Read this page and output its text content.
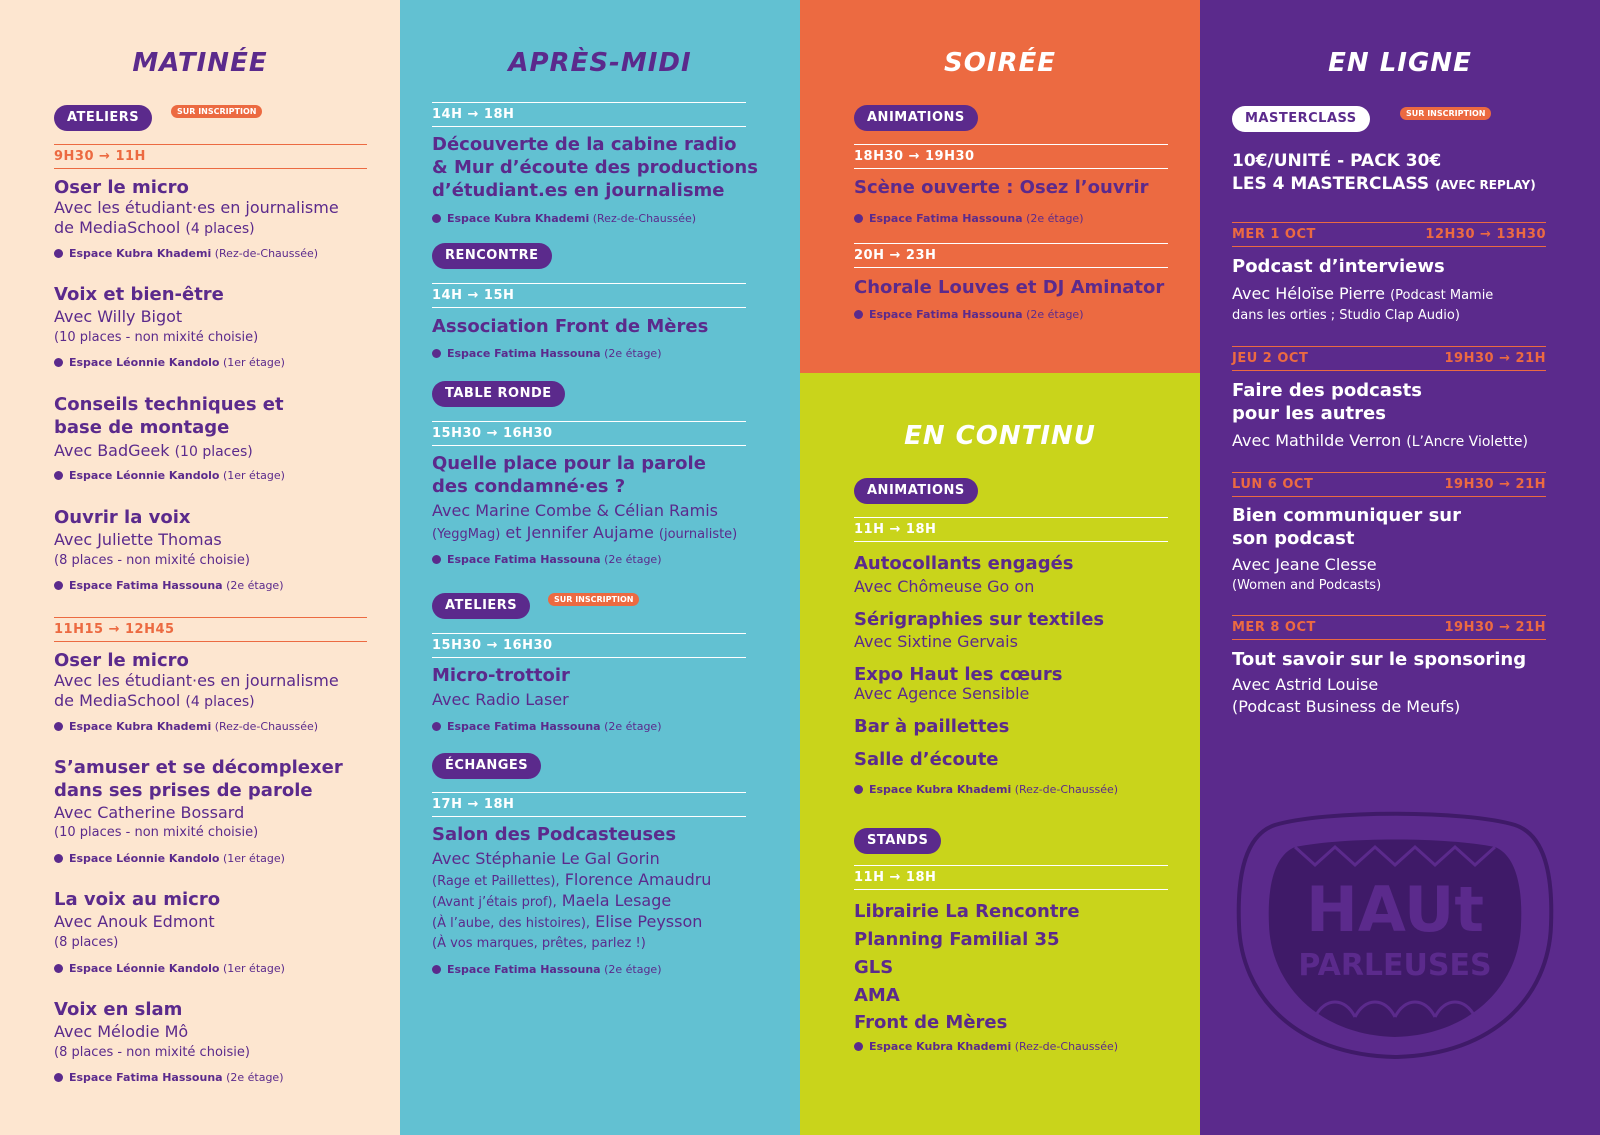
MATINÉE
ATELIERS	SUR INSCRIPTION
9H30 → 11H
Oser le micro
Avec les étudiant·es en journalisme
de MediaSchool (4 places)
Espace Kubra Khademi (Rez-de-Chaussée)
Voix et bien-être
Avec Willy Bigot
(10 places - non mixité choisie)
Espace Léonnie Kandolo (1er étage)
Conseils techniques et
base de montage
Avec BadGeek (10 places)
Espace Léonnie Kandolo (1er étage)
Ouvrir la voix
Avec Juliette Thomas
(8 places - non mixité choisie)
Espace Fatima Hassouna (2e étage)
11H15 → 12H45
Oser le micro
Avec les étudiant·es en journalisme
de MediaSchool (4 places)
Espace Kubra Khademi (Rez-de-Chaussée)
S’amuser et se décomplexer
dans ses prises de parole
Avec Catherine Bossard
(10 places - non mixité choisie)
Espace Léonnie Kandolo (1er étage)
La voix au micro
Avec Anouk Edmont
(8 places)
Espace Léonnie Kandolo (1er étage)
Voix en slam
Avec Mélodie Mô
(8 places - non mixité choisie)
Espace Fatima Hassouna (2e étage)
APRÈS-MIDI
14H → 18H
Découverte de la cabine radio
& Mur d’écoute des productions
d’étudiant.es en journalisme
Espace Kubra Khademi (Rez-de-Chaussée)
RENCONTRE
14H → 15H
Association Front de Mères
Espace Fatima Hassouna (2e étage)
TABLE RONDE
15H30 → 16H30
Quelle place pour la parole
des condamné·es ?
Avec Marine Combe & Célian Ramis
(YeggMag) et Jennifer Aujame (journaliste)
Espace Fatima Hassouna (2e étage)
ATELIERS	SUR INSCRIPTION
15H30 → 16H30
Micro-trottoir
Avec Radio Laser
Espace Fatima Hassouna (2e étage)
ÉCHANGES
17H → 18H
Salon des Podcasteuses
Avec Stéphanie Le Gal Gorin
(Rage et Paillettes), Florence Amaudru
(Avant j’étais prof), Maela Lesage
(À l’aube, des histoires), Elise Peysson
(À vos marques, prêtes, parlez !)
Espace Fatima Hassouna (2e étage)
SOIRÉE
ANIMATIONS
18H30 → 19H30
Scène ouverte : Osez l’ouvrir
Espace Fatima Hassouna (2e étage)
20H → 23H
Chorale Louves et DJ Aminator
Espace Fatima Hassouna (2e étage)
EN CONTINU
ANIMATIONS
11H → 18H
Autocollants engagés
Avec Chômeuse Go on
Sérigraphies sur textiles
Avec Sixtine Gervais
Expo Haut les cœurs
Avec Agence Sensible
Bar à paillettes
Salle d’écoute
Espace Kubra Khademi (Rez-de-Chaussée)
STANDS
11H → 18H
Librairie La Rencontre
Planning Familial 35
GLS
AMA
Front de Mères
Espace Kubra Khademi (Rez-de-Chaussée)
EN LIGNE
MASTERCLASS	SUR INSCRIPTION
10€/UNITÉ - PACK 30€
LES 4 MASTERCLASS (AVEC REPLAY)
MER 1 OCT	12H30 → 13H30
Podcast d’interviews
Avec Héloïse Pierre (Podcast Mamie
dans les orties ; Studio Clap Audio)
JEU 2 OCT	19H30 → 21H
Faire des podcasts
pour les autres
Avec Mathilde Verron (L’Ancre Violette)
LUN 6 OCT	19H30 → 21H
Bien communiquer sur
son podcast
Avec Jeane Clesse
(Women and Podcasts)
MER 8 OCT	19H30 → 21H
Tout savoir sur le sponsoring
Avec Astrid Louise
(Podcast Business de Meufs)
HAUt
PARLEUSES
